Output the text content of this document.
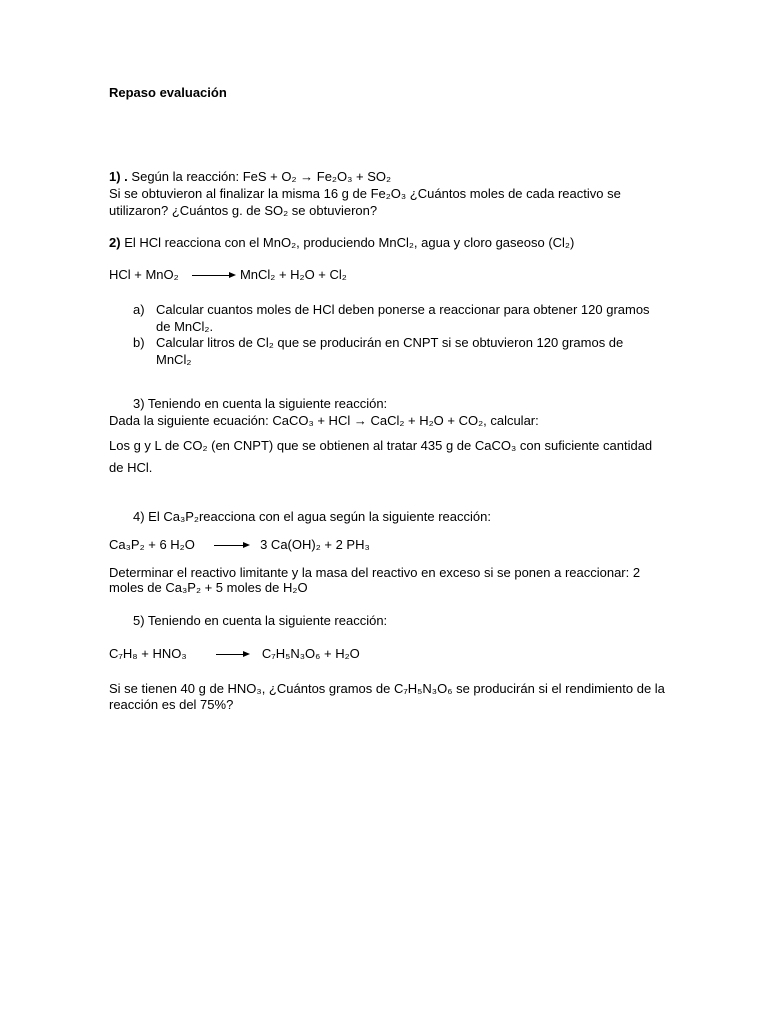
Repaso evaluación
1) . Según la reacción: FeS + O₂ → Fe₂O₃ + SO₂
Si se obtuvieron al finalizar la misma 16 g de Fe₂O₃ ¿Cuántos moles de cada reactivo se
utilizaron? ¿Cuántos g. de SO₂ se obtuvieron?
2) El HCl reacciona con el MnO₂, produciendo MnCl₂, agua y cloro gaseoso (Cl₂)
HCl + MnO₂	MnCl₂ + H₂O + Cl₂
a) Calcular cuantos moles de HCl deben ponerse a reaccionar para obtener 120 gramos
de MnCl₂.
b) Calcular litros de Cl₂ que se producirán en CNPT si se obtuvieron 120 gramos de
MnCl₂
3) Teniendo en cuenta la siguiente reacción:
Dada la siguiente ecuación: CaCO₃ + HCl → CaCl₂ + H₂O + CO₂, calcular:
Los g y L de CO₂ (en CNPT) que se obtienen al tratar 435 g de CaCO₃ con suficiente cantidad
de HCl.
4) El Ca₃P₂reacciona con el agua según la siguiente reacción:
Ca₃P₂ + 6 H₂O	3 Ca(OH)₂ + 2 PH₃
Determinar el reactivo limitante y la masa del reactivo en exceso si se ponen a reaccionar: 2
moles de Ca₃P₂ + 5 moles de H₂O
5) Teniendo en cuenta la siguiente reacción:
C₇H₈ + HNO₃	C₇H₅N₃O₆ + H₂O
Si se tienen 40 g de HNO₃, ¿Cuántos gramos de C₇H₅N₃O₆ se producirán si el rendimiento de la
reacción es del 75%?
